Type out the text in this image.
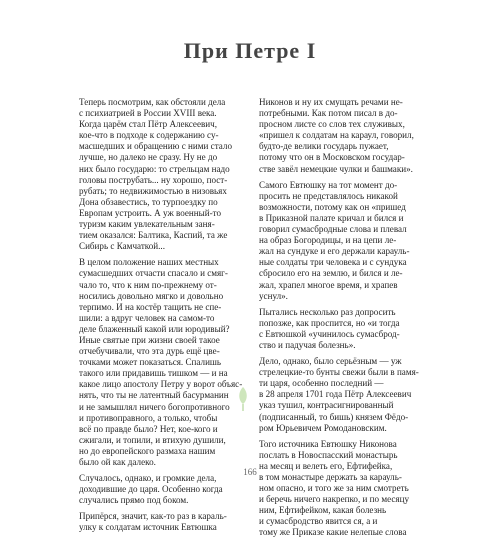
При Петре I
Теперь посмотрим, как обстояли дела
с психиатрией в России XVIII века.
Когда царём стал Пётр Алексеевич,
кое-что в подходе к содержанию су-
масшедших и обращению с ними стало
лучше, но далеко не сразу. Ну не до
них было государю: то стрельцам надо
головы пострубать... ну хорошо, пост-
рубать; то недвижимостью в низовьях
Дона обзавестись, то турпоездку по
Европам устроить. А уж военный-то
туризм каким увлекательным заня-
тием оказался: Балтика, Каспий, та же
Сибирь с Камчаткой...
В целом положение наших местных
сумасшедших отчасти спасало и смяг-
чало то, что к ним по-прежнему от-
носились довольно мягко и довольно
терпимо. И на костёр тащить не спе-
шили: а вдруг человек на самом-то
деле блаженный какой или юродивый?
Иные святые при жизни своей такое
отчебучивали, что эта дурь ещё цве-
точками может показаться. Спалишь
такого или придавишь тишком — и на
какое лицо апостолу Петру у ворот объяс-
нять, что ты не латентный басурманин
и не замышлял ничего богопротивного
и противоправного, а только, чтобы
всё по правде было? Нет, кое-кого и
сжигали, и топили, и втихую душили,
но до европейского размаха нашим
было ой как далеко.
Случалось, однако, и громкие дела,
доходившие до царя. Особенно когда
случались прямо под боком.
Припёрся, значит, как-то раз в караль-
улку к солдатам источник Евтюшка
Никонов и ну их смущать речами не-
потребными. Как потом писал в до-
просном листе со слов тех служивых,
«пришел к солдатам на караул, говорил,
будто-де велики государь пужает,
потому что он в Московском государ-
стве завёл немецкие чулки и башмаки».
Самого Евтюшку на тот момент до-
просить не представлялось никакой
возможности, потому как он «пришед
в Приказной палате кричал и бился и
говорил сумасбродные слова и плевал
на образ Богородицы, и на цепи ле-
жал на сундуке и его держали карауль-
ные солдаты три человека и с сундука
сбросило его на землю, и бился и ле-
жал, храпел многое время, и храпев
уснул».
Пытались несколько раз допросить
попозже, как проспится, но «и тогда
с Евтюшкой «учинилось сумасброд-
ство и падучая болезнь».
Дело, однако, было серьёзным — уж
стрелецкие-то бунты свежи были в памя-
ти царя, особенно последний —
в 28 апреля 1701 года Пётр Алексеевич
указ тушил, контрасигнированный
(подписанный, то бишь) князем Фёдо-
ром Юрьевичем Ромодановским.
Того источника Евтюшку Никонова
послать в Новоспасский монастырь
на месяц и велеть его, Ефтифейка,
в том монастыре держать за карауль-
ном опасно, и того же за ним смотреть
и беречь ничего накрепко, и по месяцу
ним, Ефтифейком, какая болезнь
и сумасбродство явится ся, а и
тому же Приказе какие нелепые слова
166
